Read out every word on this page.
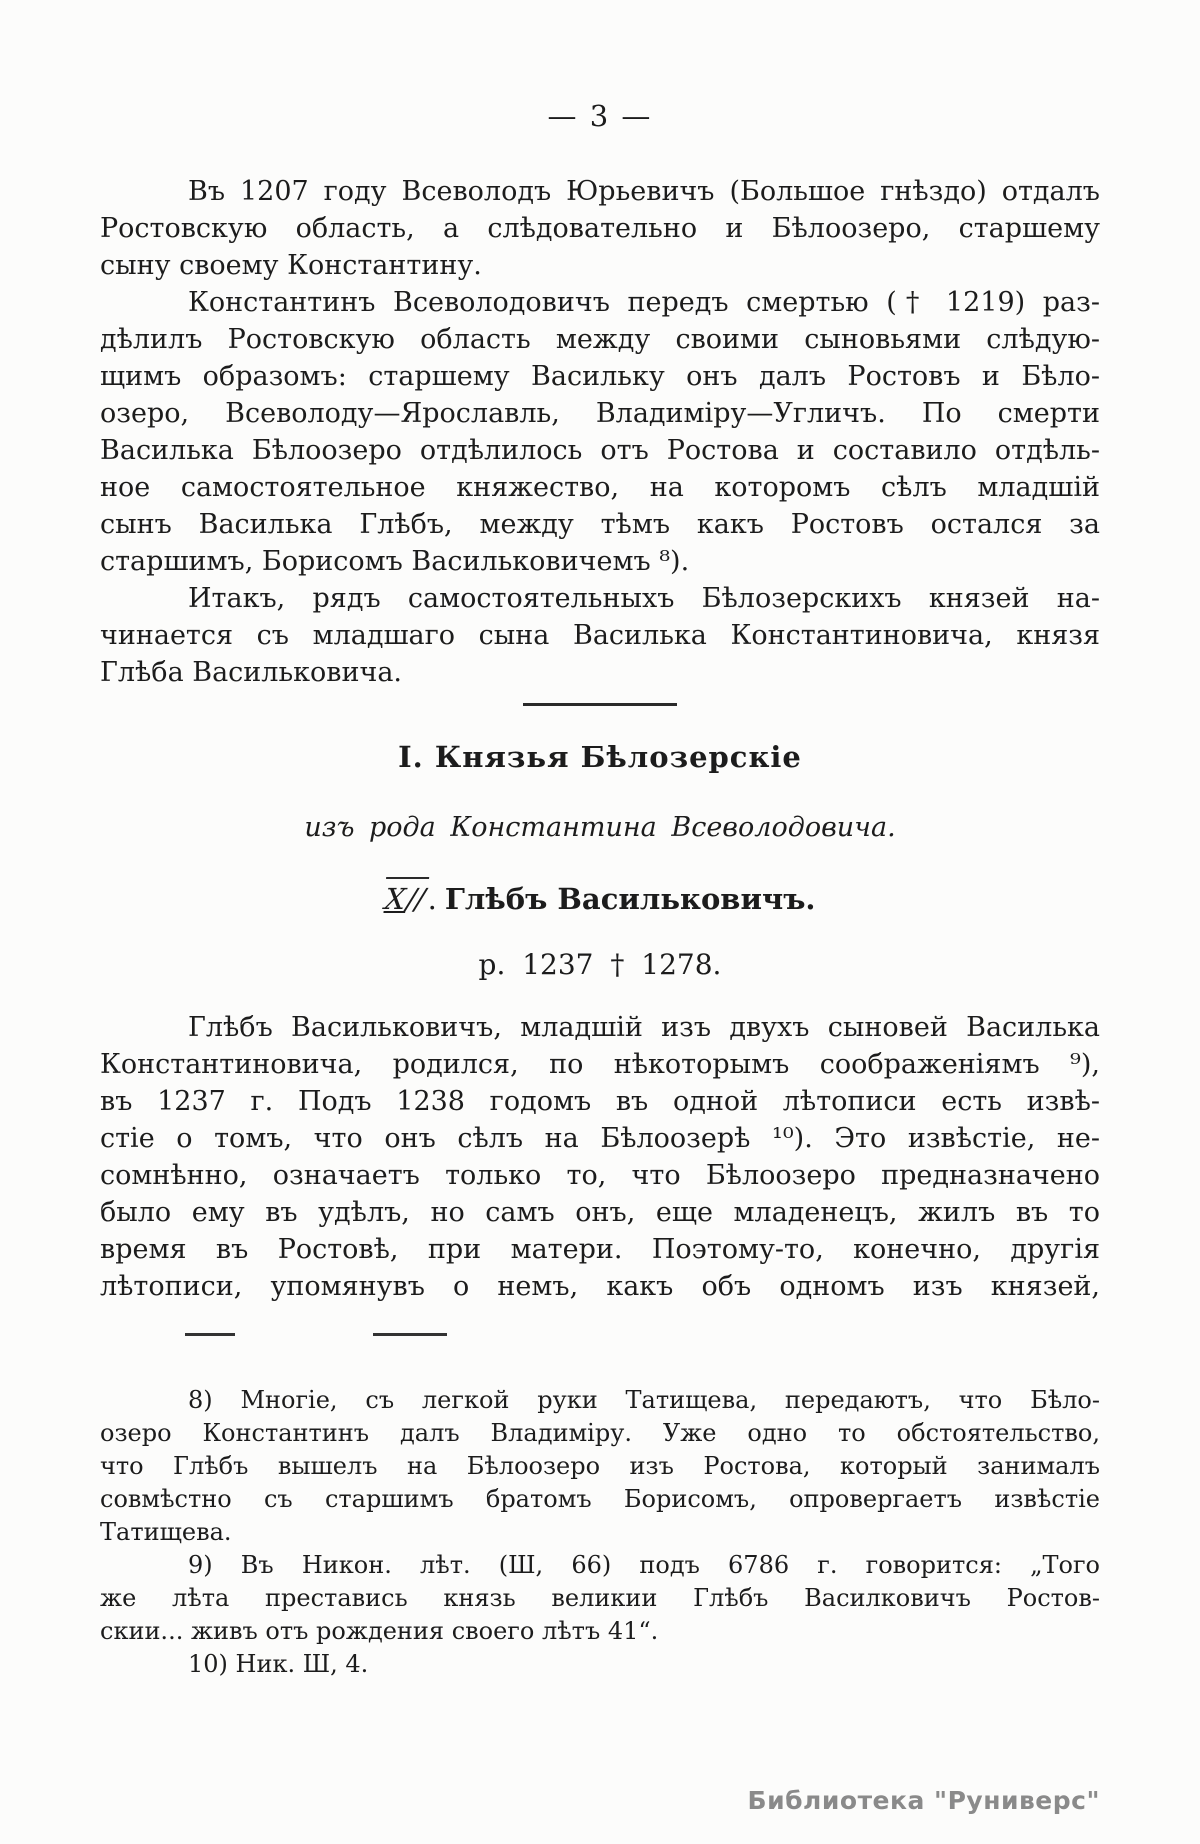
— 3 —
Въ 1207 году Всеволодъ Юрьевичъ (Большое гнѣздо) отдалъ
Ростовскую область, а слѣдовательно и Бѣлоозеро, старшему
сыну своему Константину.
Константинъ Всеволодовичъ передъ смертью († 1219) раз-
дѣлилъ Ростовскую область между своими сыновьями слѣдую-
щимъ образомъ: старшему Васильку онъ далъ Ростовъ и Бѣло-
озеро, Всеволоду—Ярославль, Владиміру—Угличъ. По смерти
Василька Бѣлоозеро отдѣлилось отъ Ростова и составило отдѣль-
ное самостоятельное княжество, на которомъ сѣлъ младшій
сынъ Василька Глѣбъ, между тѣмъ какъ Ростовъ остался за
старшимъ, Борисомъ Васильковичемъ ⁸).
Итакъ, рядъ самостоятельныхъ Бѣлозерскихъ князей на-
чинается съ младшаго сына Василька Константиновича, князя
Глѣба Васильковича.
I. Князья Бѣлозерскіе
изъ рода Константина Всеволодовича.
X∕∕. Глѣбъ Васильковичъ.
р. 1237 † 1278.
Глѣбъ Васильковичъ, младшій изъ двухъ сыновей Василька
Константиновича, родился, по нѣкоторымъ соображеніямъ ⁹),
въ 1237 г. Подъ 1238 годомъ въ одной лѣтописи есть извѣ-
стіе о томъ, что онъ сѣлъ на Бѣлоозерѣ ¹⁰). Это извѣстіе, не-
сомнѣнно, означаетъ только то, что Бѣлоозеро предназначено
было ему въ удѣлъ, но самъ онъ, еще младенецъ, жилъ въ то
время въ Ростовѣ, при матери. Поэтому-то, конечно, другія
лѣтописи, упомянувъ о немъ, какъ объ одномъ изъ князей,
8) Многіе, съ легкой руки Татищева, передаютъ, что Бѣло-
озеро Константинъ далъ Владиміру. Уже одно то обстоятельство,
что Глѣбъ вышелъ на Бѣлоозеро изъ Ростова, который занималъ
совмѣстно съ старшимъ братомъ Борисомъ, опровергаетъ извѣстіе
Татищева.
9) Въ Никон. лѣт. (Ш, 66) подъ 6786 г. говорится: „Того
же лѣта преставись князь великии Глѣбъ Василковичъ Ростов-
скии... живъ отъ рождения своего лѣтъ 41“.
10) Ник. Ш, 4.
Библиотека "Руниверс"
